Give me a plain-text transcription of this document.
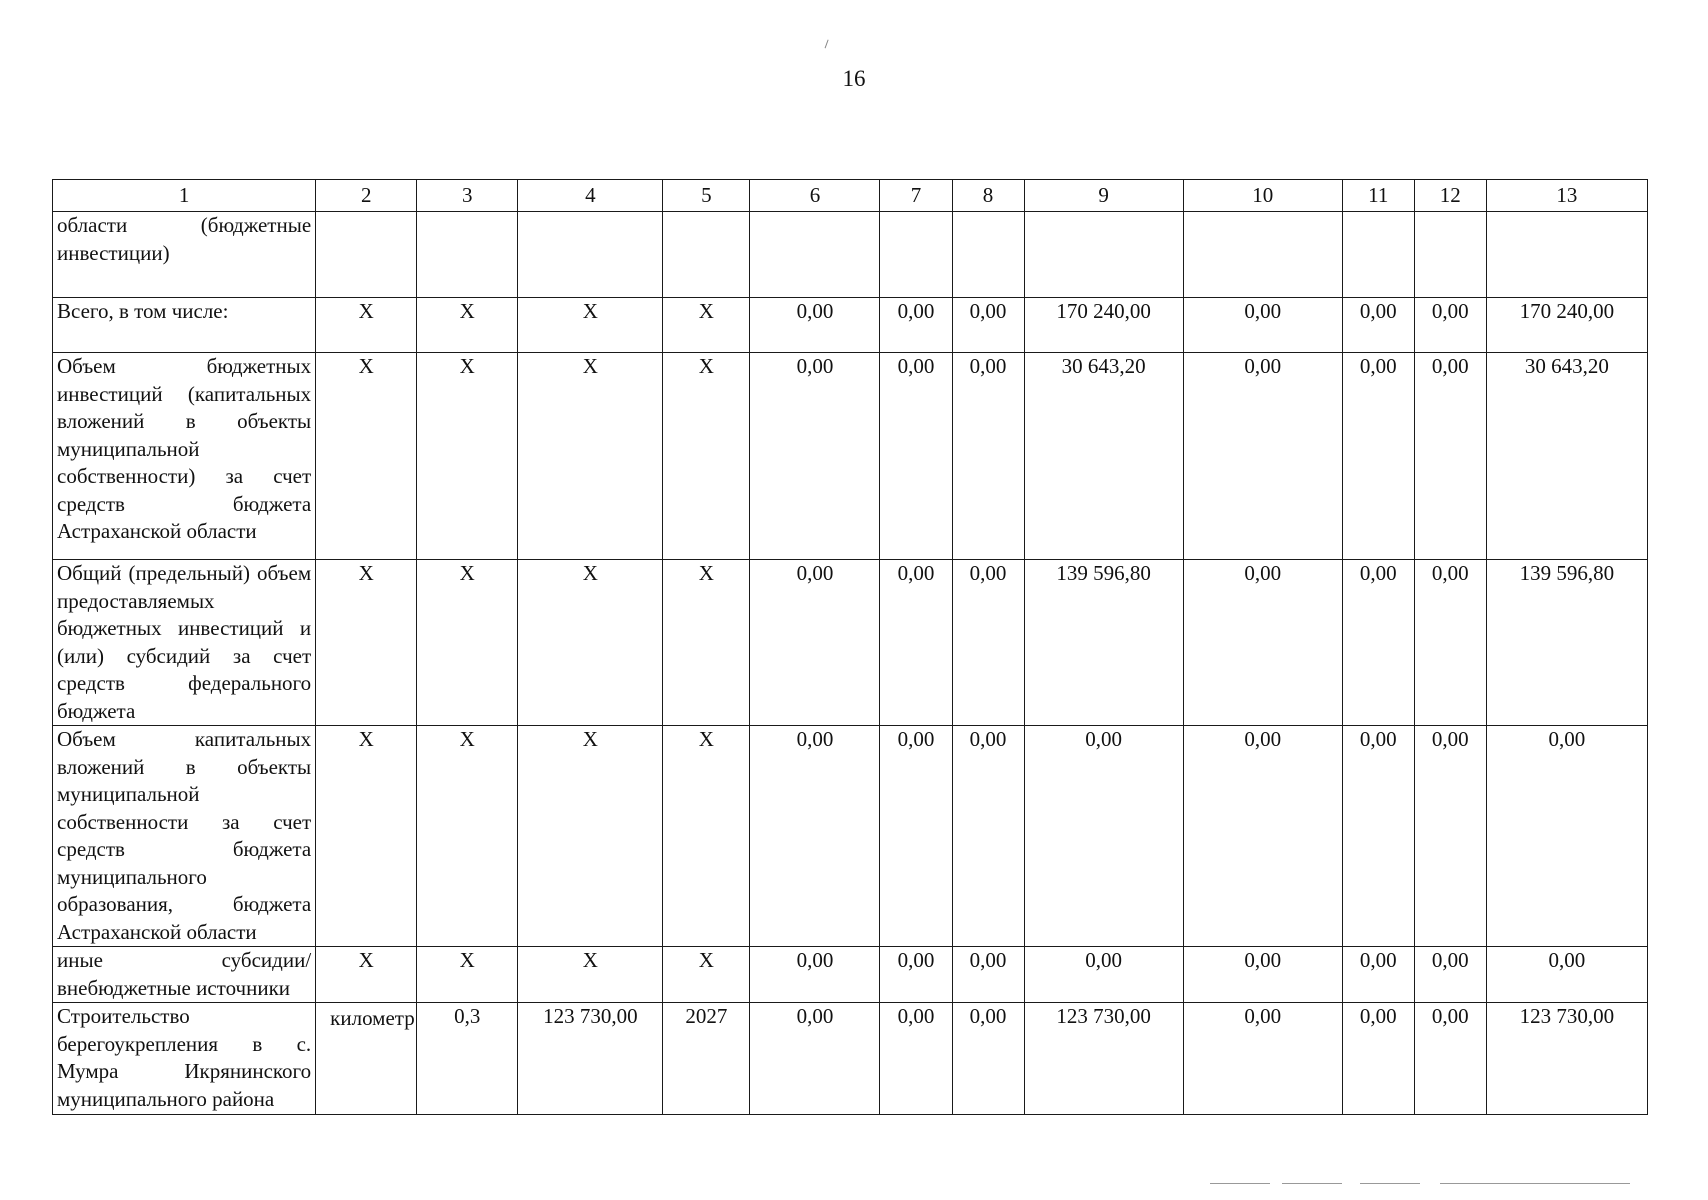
16
1	2	3	4	5	6	7	8	9	10	11	12	13
области (бюджетные инвестиции)												
Всего, в том числе:	Х	Х	Х	Х	0,00	0,00	0,00	170 240,00	0,00	0,00	0,00	170 240,00
Объем бюджетных инвестиций (капитальных вложений в объекты муниципальной собственности) за счет средств бюджета Астраханской области	Х	Х	Х	Х	0,00	0,00	0,00	30 643,20	0,00	0,00	0,00	30 643,20
Общий (предельный) объем предоставляемых бюджетных инвестиций и (или) субсидий за счет средств федерального бюджета	Х	Х	Х	Х	0,00	0,00	0,00	139 596,80	0,00	0,00	0,00	139 596,80
Объем капитальных вложений в объекты муниципальной собственности за счет средств бюджета муниципального образования, бюджета Астраханской области	Х	Х	Х	Х	0,00	0,00	0,00	0,00	0,00	0,00	0,00	0,00
иные субсидии/ внебюджетные источники	Х	Х	Х	Х	0,00	0,00	0,00	0,00	0,00	0,00	0,00	0,00
Строительство берегоукрепления в с. Мумра Икрянинского муниципального района	километр	0,3	123 730,00	2027	0,00	0,00	0,00	123 730,00	0,00	0,00	0,00	123 730,00
